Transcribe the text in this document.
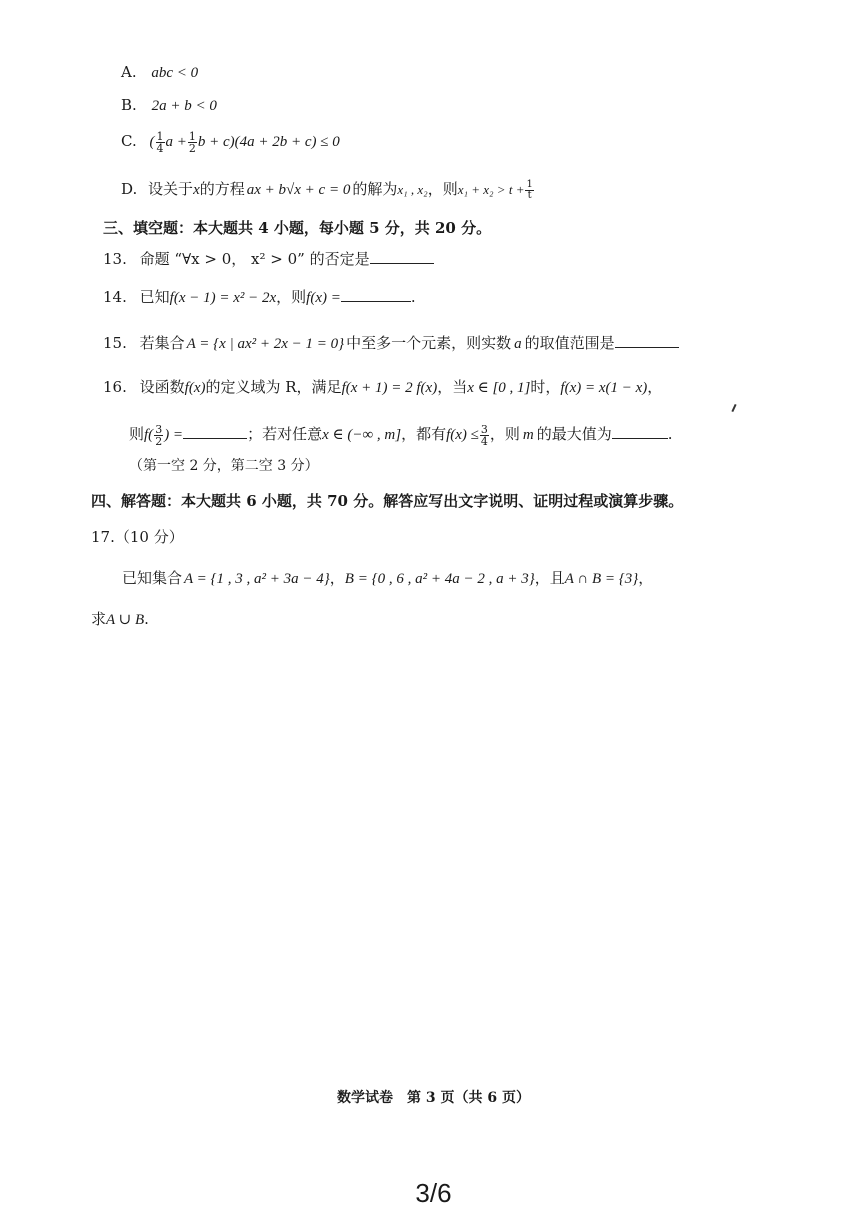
A. abc < 0
B. 2a + b < 0
C. ( $\frac{1}{4}$ $a + \frac{1}{2}$ b + c)(4a + 2b + c) ≤ 0
D. 设关于x的方程 ax + b√x + c = 0 的解为x₁ , x₂，则$x_1 + x_2 > t + \frac{1}{t}$
三、填空题：本大题共 4 小题，每小题 5 分，共 20 分。
13. 命题 “∀x > 0， x² > 0” 的否定是
14. 已知f(x − 1) = x² − 2x，则f(x) =	.
15. 若集合 A = {x | ax² + 2x − 1 = 0} 中至多一个元素，则实数 a 的取值范围是
16. 设函数f(x)的定义域为 R，满足f(x + 1) = 2 f(x)，当x ∈ [0 , 1]时，f(x) = x(1 − x)，
则$f( \frac{3}{2}$ ) =	；若对任意x ∈ (−∞ , m]，都有$f(x) \le \frac{3}{4}$ ，则 m 的最大值为	.
（第一空 2 分，第二空 3 分）
四、解答题：本大题共 6 小题，共 70 分。解答应写出文字说明、证明过程或演算步骤。
17.（10 分）
已知集合 A = {1 , 3 , a² + 3a − 4}，B = {0 , 6 , a² + 4a − 2 , a + 3}，且A ∩ B = {3}，
求A ∪ B.
数学试卷　第 3 页（共 6 页）
3/6
